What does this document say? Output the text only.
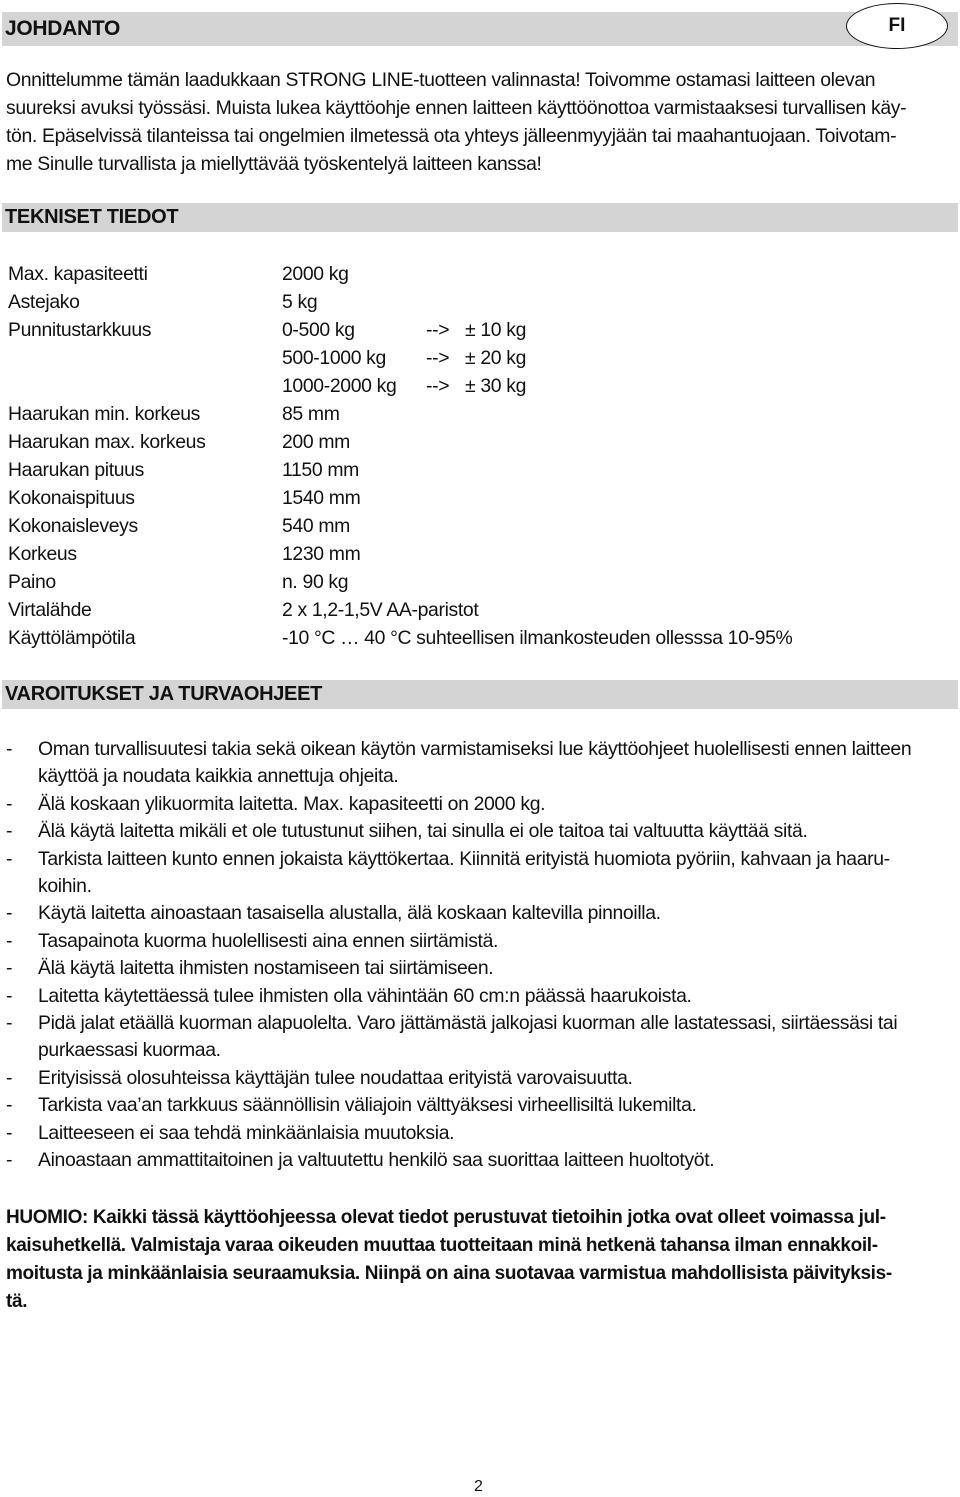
JOHDANTO	FI
Onnittelumme tämän laadukkaan STRONG LINE-tuotteen valinnasta! Toivomme ostamasi laitteen olevan
suureksi avuksi työssäsi. Muista lukea käyttöohje ennen laitteen käyttöönottoa varmistaaksesi turvallisen käy-
tön. Epäselvissä tilanteissa tai ongelmien ilmetessä ota yhteys jälleenmyyjään tai maahantuojaan. Toivotam-
me Sinulle turvallista ja miellyttävää työskentelyä laitteen kanssa!
TEKNISET TIEDOT
Max. kapasiteetti	2000 kg
Astejako	5 kg
Punnitustarkkuus	0-500 kg	--> ± 10 kg
500-1000 kg --> ± 20 kg
1000-2000 kg --> ± 30 kg
Haarukan min. korkeus	85 mm
Haarukan max. korkeus	200 mm
Haarukan pituus	1150 mm
Kokonaispituus	1540 mm
Kokonaisleveys	540 mm
Korkeus	1230 mm
Paino	n. 90 kg
Virtalähde	2 x 1,2-1,5V AA-paristot
Käyttölämpötila	-10 °C … 40 °C suhteellisen ilmankosteuden ollesssa 10-95%
VAROITUKSET JA TURVAOHJEET
- Oman turvallisuutesi takia sekä oikean käytön varmistamiseksi lue käyttöohjeet huolellisesti ennen laitteen
käyttöä ja noudata kaikkia annettuja ohjeita.
- Älä koskaan ylikuormita laitetta. Max. kapasiteetti on 2000 kg.
- Älä käytä laitetta mikäli et ole tutustunut siihen, tai sinulla ei ole taitoa tai valtuutta käyttää sitä.
- Tarkista laitteen kunto ennen jokaista käyttökertaa. Kiinnitä erityistä huomiota pyöriin, kahvaan ja haaru-
koihin.
- Käytä laitetta ainoastaan tasaisella alustalla, älä koskaan kaltevilla pinnoilla.
- Tasapainota kuorma huolellisesti aina ennen siirtämistä.
- Älä käytä laitetta ihmisten nostamiseen tai siirtämiseen.
- Laitetta käytettäessä tulee ihmisten olla vähintään 60 cm:n päässä haarukoista.
- Pidä jalat etäällä kuorman alapuolelta. Varo jättämästä jalkojasi kuorman alle lastatessasi, siirtäessäsi tai
purkaessasi kuormaa.
- Erityisissä olosuhteissa käyttäjän tulee noudattaa erityistä varovaisuutta.
- Tarkista vaa’an tarkkuus säännöllisin väliajoin välttyäksesi virheellisiltä lukemilta.
- Laitteeseen ei saa tehdä minkäänlaisia muutoksia.
- Ainoastaan ammattitaitoinen ja valtuutettu henkilö saa suorittaa laitteen huoltotyöt.
HUOMIO: Kaikki tässä käyttöohjeessa olevat tiedot perustuvat tietoihin jotka ovat olleet voimassa jul-
kaisuhetkellä. Valmistaja varaa oikeuden muuttaa tuotteitaan minä hetkenä tahansa ilman ennakkoil-
moitusta ja minkäänlaisia seuraamuksia. Niinpä on aina suotavaa varmistua mahdollisista päivityksis-
tä.
2
